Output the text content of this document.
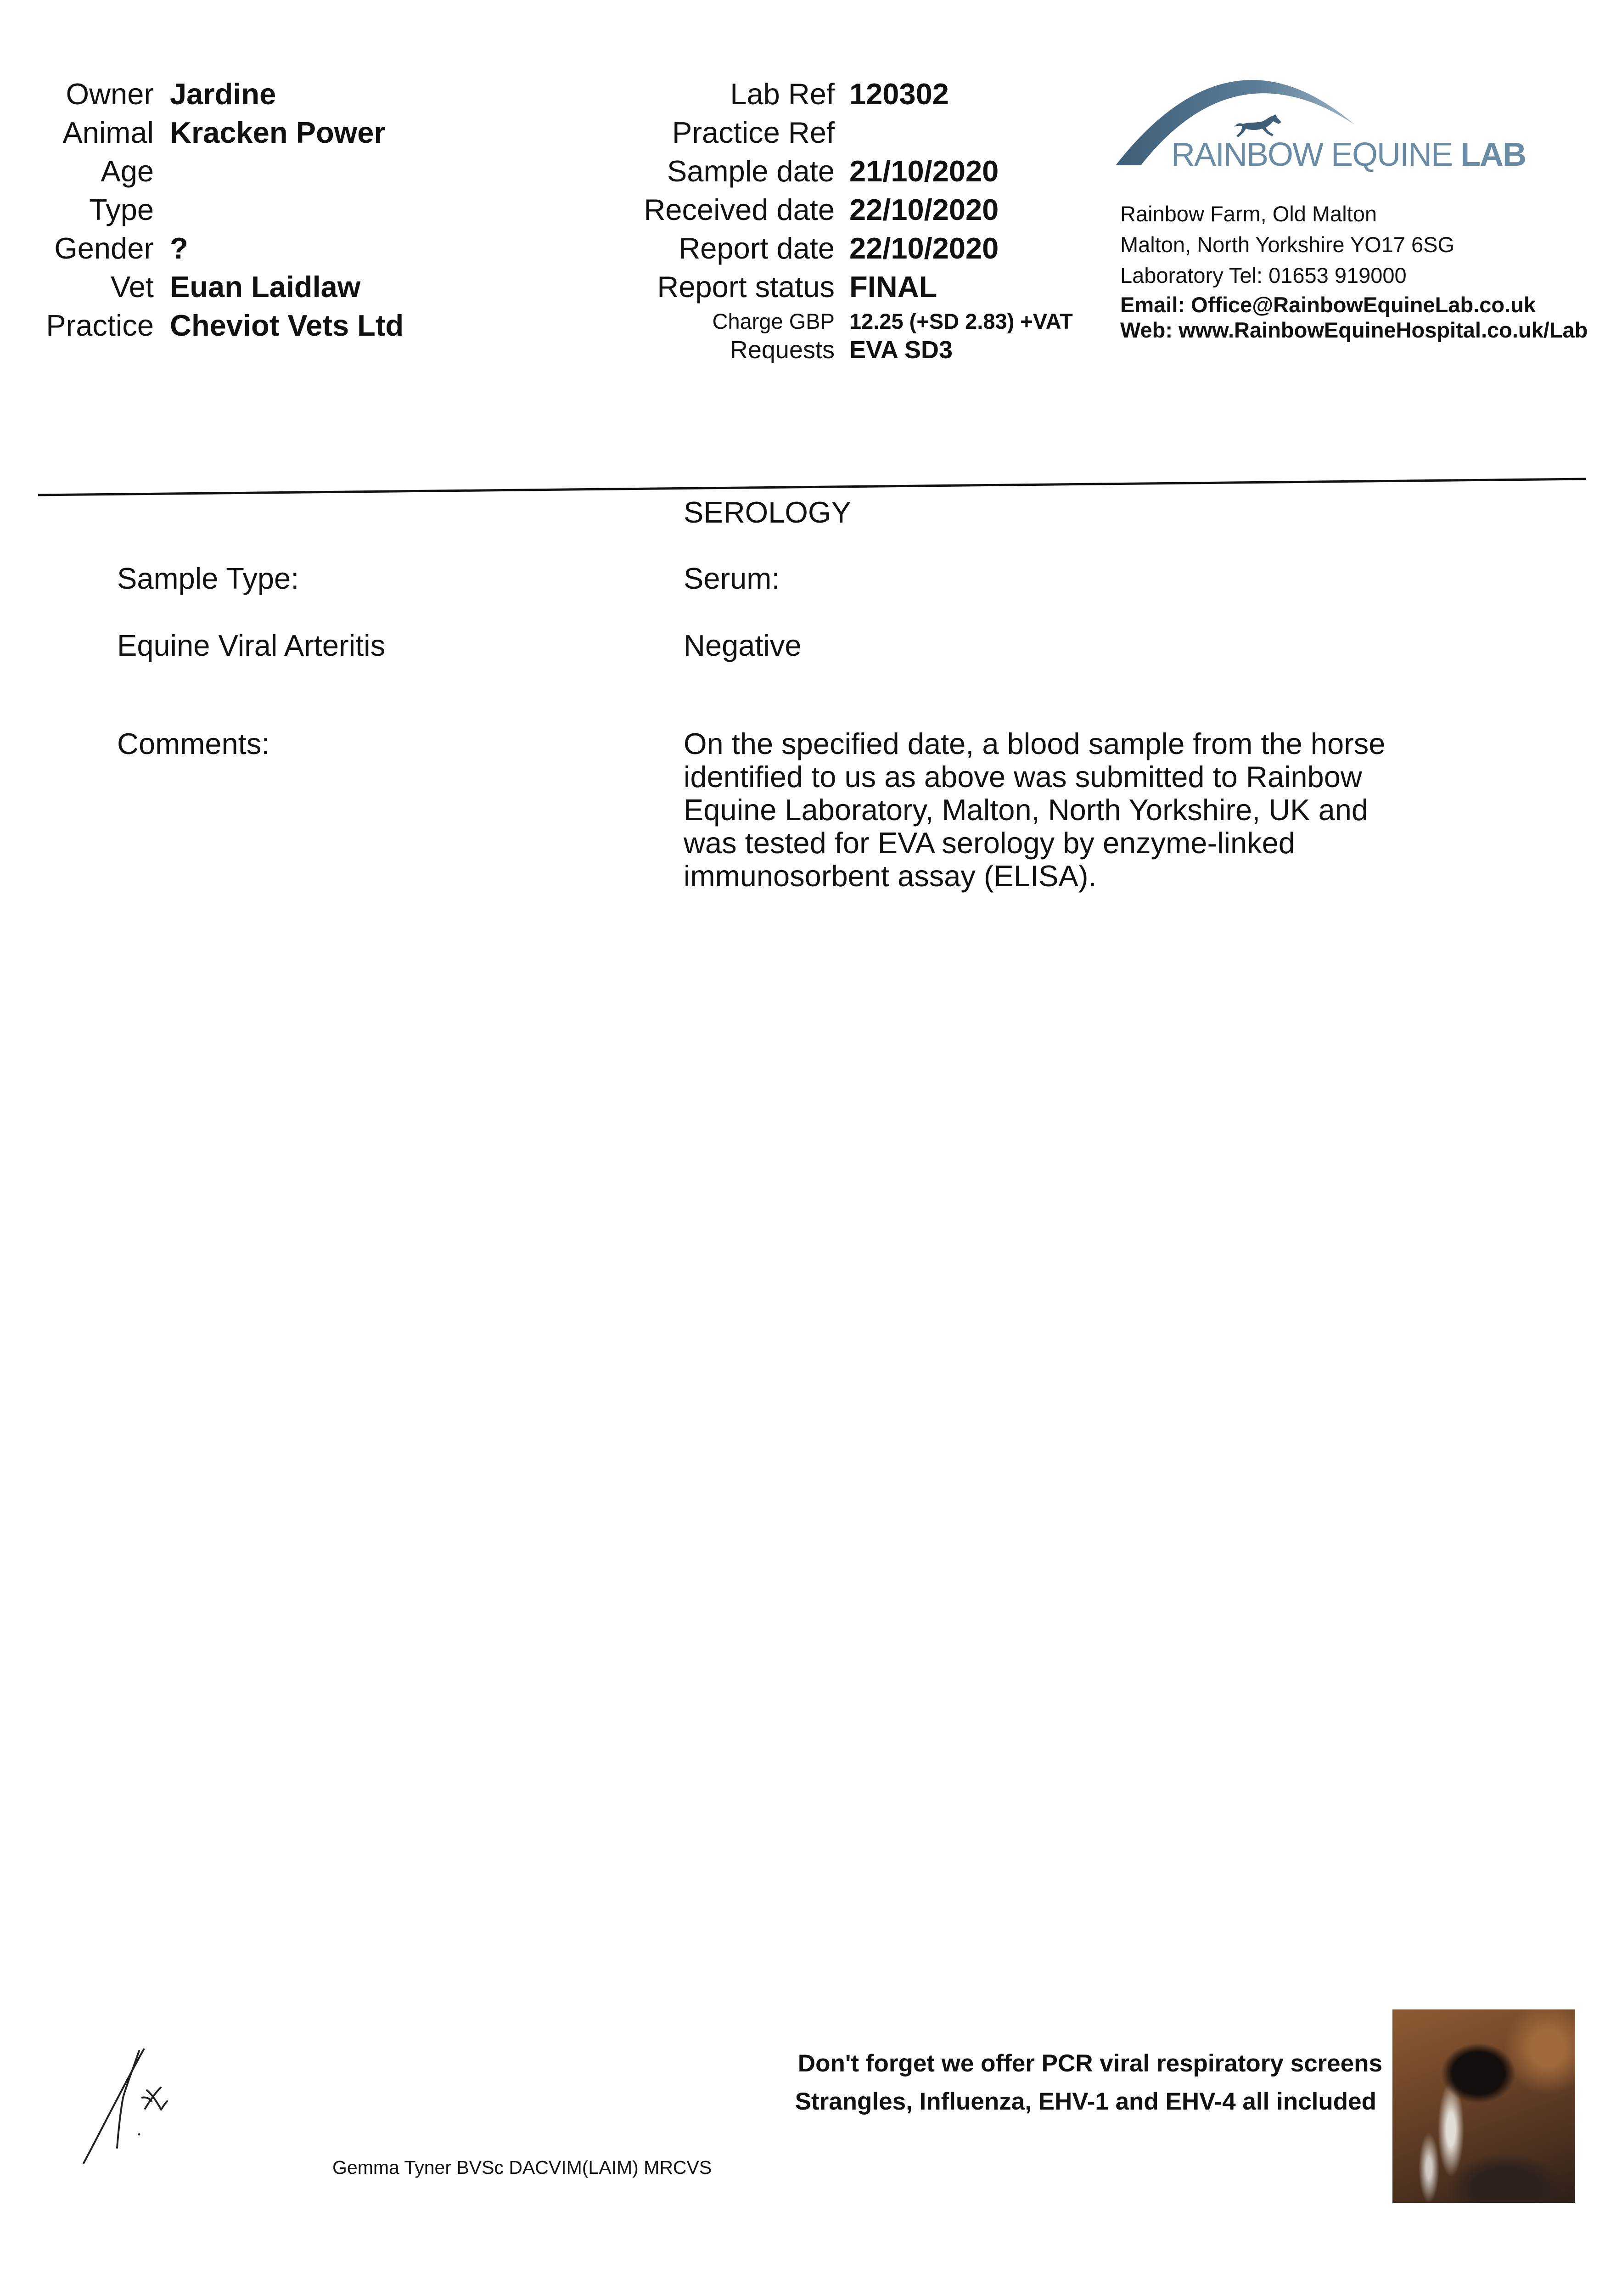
Owner Jardine
Animal Kracken Power
Age
Type
Gender ?
Vet Euan Laidlaw
Practice Cheviot Vets Ltd
Lab Ref 120302
Practice Ref
Sample date 21/10/2020
Received date 22/10/2020
Report date 22/10/2020
Report status FINAL
Charge GBP 12.25 (+SD 2.83) +VAT
Requests EVA SD3
RAINBOW EQUINE LAB
Rainbow Farm, Old Malton
Malton, North Yorkshire YO17 6SG
Laboratory Tel: 01653 919000
Email: Office@RainbowEquineLab.co.uk
Web: www.RainbowEquineHospital.co.uk/Lab
SEROLOGY
Sample Type:	Serum:
Equine Viral Arteritis	Negative
Comments:	On the specified date, a blood sample from the horse identified to us as above was submitted to Rainbow Equine Laboratory, Malton, North Yorkshire, UK and was tested for EVA serology by enzyme-linked immunosorbent assay (ELISA).
Gemma Tyner BVSc DACVIM(LAIM) MRCVS
Don't forget we offer PCR viral respiratory screens
Strangles, Influenza, EHV-1 and EHV-4 all included
